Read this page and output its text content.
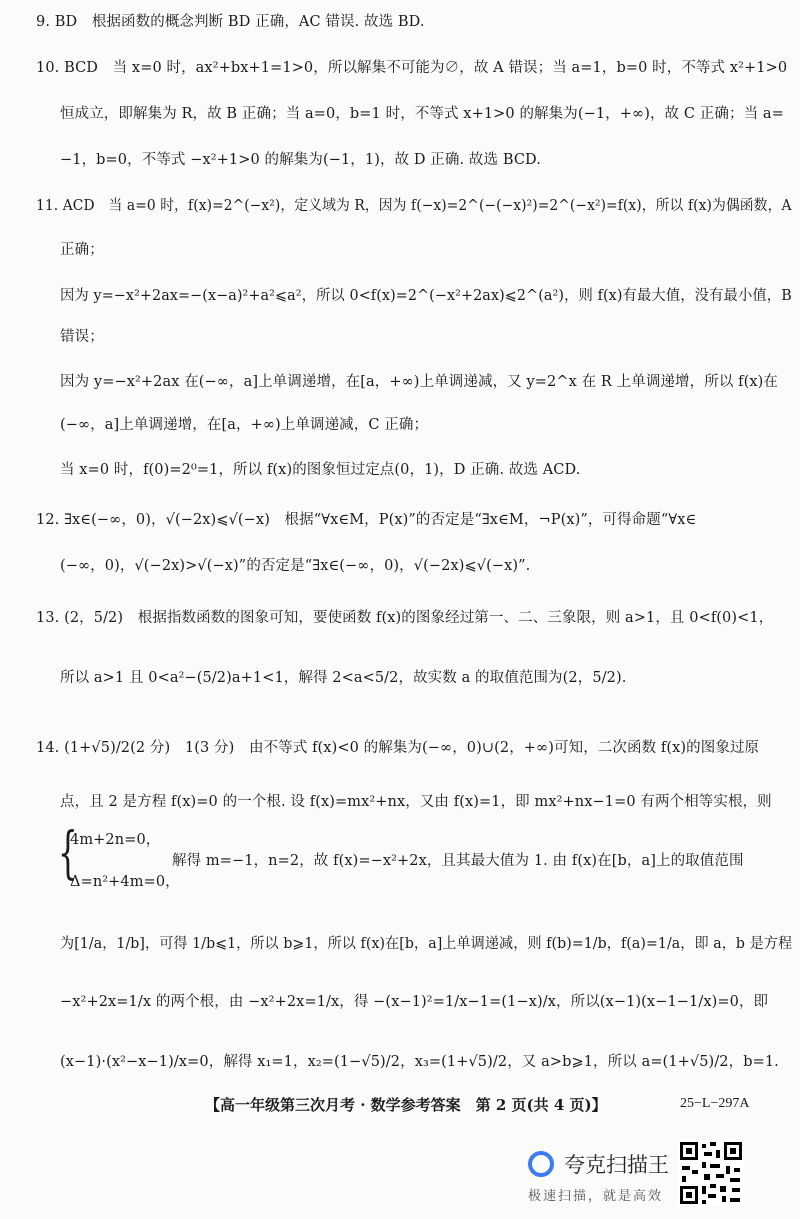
9. BD 根据函数的概念判断 BD 正确，AC 错误. 故选 BD.
10. BCD 当 x=0 时，ax²+bx+1=1>0，所以解集不可能为∅，故 A 错误；当 a=1，b=0 时，不等式 x²+1>0
恒成立，即解集为 R，故 B 正确；当 a=0，b=1 时，不等式 x+1>0 的解集为(−1，+∞)，故 C 正确；当 a=
−1，b=0，不等式 −x²+1>0 的解集为(−1，1)，故 D 正确. 故选 BCD.
11. ACD 当 a=0 时，f(x)=2^(−x²)，定义域为 R，因为 f(−x)=2^(−(−x)²)=2^(−x²)=f(x)，所以 f(x)为偶函数，A
正确；
因为 y=−x²+2ax=−(x−a)²+a²⩽a²，所以 0<f(x)=2^(−x²+2ax)⩽2^(a²)，则 f(x)有最大值，没有最小值，B
错误；
因为 y=−x²+2ax 在(−∞，a]上单调递增，在[a，+∞)上单调递减，又 y=2^x 在 R 上单调递增，所以 f(x)在
(−∞，a]上单调递增，在[a，+∞)上单调递减，C 正确；
当 x=0 时，f(0)=2⁰=1，所以 f(x)的图象恒过定点(0，1)，D 正确. 故选 ACD.
12. ∃x∈(−∞，0)，√(−2x)⩽√(−x) 根据“∀x∈M，P(x)”的否定是“∃x∈M，¬P(x)”，可得命题“∀x∈
(−∞，0)，√(−2x)>√(−x)”的否定是“∃x∈(−∞，0)，√(−2x)⩽√(−x)”.
13. (2，5/2) 根据指数函数的图象可知，要使函数 f(x)的图象经过第一、二、三象限，则 a>1，且 0<f(0)<1，
所以 a>1 且 0<a²−(5/2)a+1<1，解得 2<a<5/2，故实数 a 的取值范围为(2，5/2).
14. (1+√5)/2(2 分) 1(3 分) 由不等式 f(x)<0 的解集为(−∞，0)∪(2，+∞)可知，二次函数 f(x)的图象过原
点，且 2 是方程 f(x)=0 的一个根. 设 f(x)=mx²+nx，又由 f(x)=1，即 mx²+nx−1=0 有两个相等实根，则
{
4m+2n=0，
解得 m=−1，n=2，故 f(x)=−x²+2x，且其最大值为 1. 由 f(x)在[b，a]上的取值范围
Δ=n²+4m=0，
为[1/a，1/b]，可得 1/b⩽1，所以 b⩾1，所以 f(x)在[b，a]上单调递减，则 f(b)=1/b，f(a)=1/a，即 a，b 是方程
−x²+2x=1/x 的两个根，由 −x²+2x=1/x，得 −(x−1)²=1/x−1=(1−x)/x，所以(x−1)(x−1−1/x)=0，即
(x−1)·(x²−x−1)/x=0，解得 x₁=1，x₂=(1−√5)/2，x₃=(1+√5)/2，又 a>b⩾1，所以 a=(1+√5)/2，b=1.
【高一年级第三次月考 · 数学参考答案 第 2 页(共 4 页)】	25−L−297A
夸克扫描王
极速扫描，就是高效
